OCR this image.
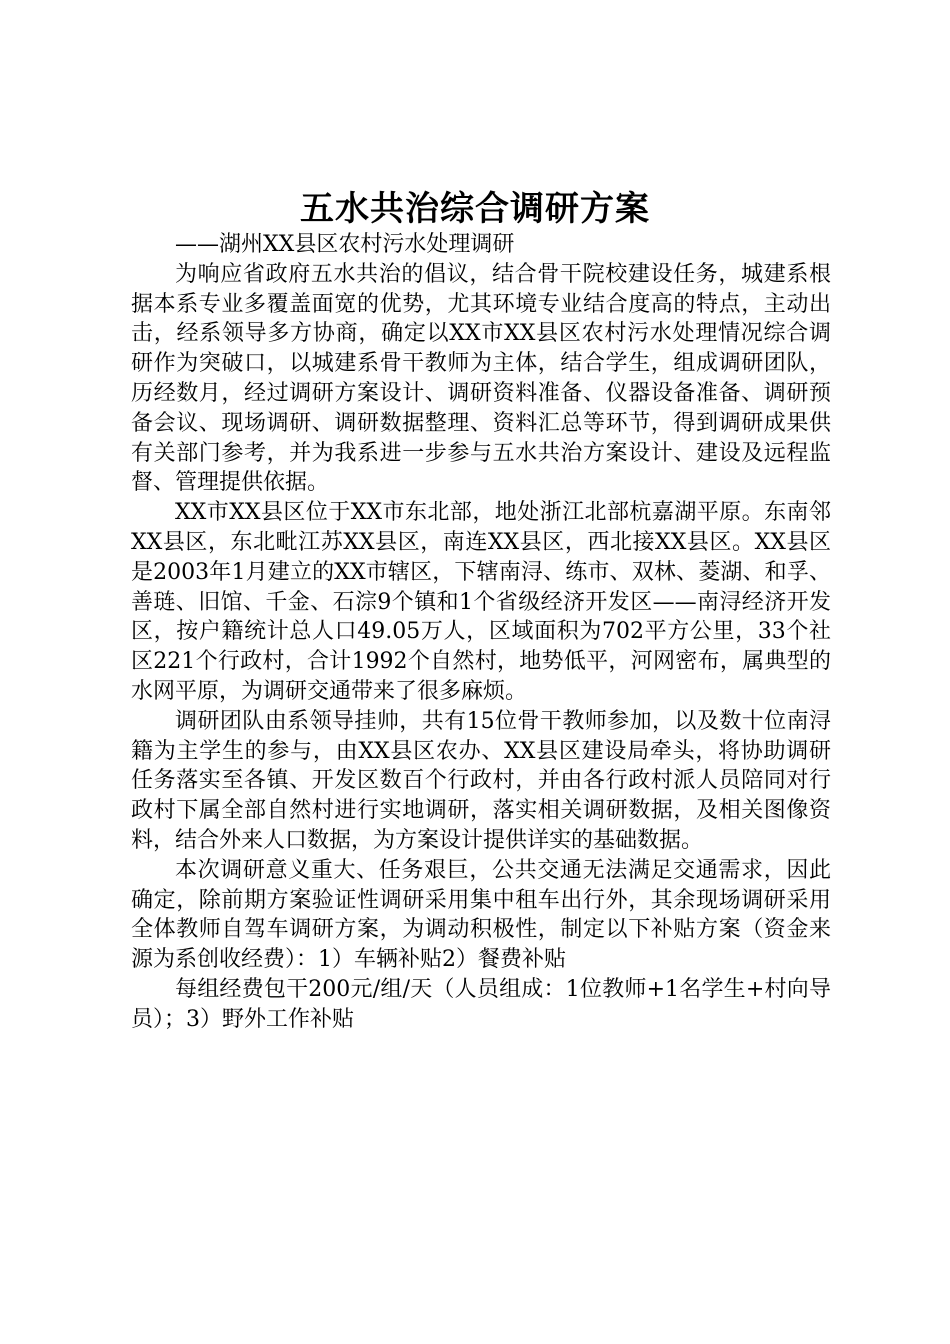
五水共治综合调研方案

——湖州XX县区农村污水处理调研

为响应省政府五水共治的倡议，结合骨干院校建设任务，城建系根据本系专业多覆盖面宽的优势，尤其环境专业结合度高的特点，主动出击，经系领导多方协商，确定以XX市XX县区农村污水处理情况综合调研作为突破口，以城建系骨干教师为主体，结合学生，组成调研团队，历经数月，经过调研方案设计、调研资料准备、仪器设备准备、调研预备会议、现场调研、调研数据整理、资料汇总等环节，得到调研成果供有关部门参考，并为我系进一步参与五水共治方案设计、建设及远程监督、管理提供依据。

XX市XX县区位于XX市东北部，地处浙江北部杭嘉湖平原。东南邻XX县区，东北毗江苏XX县区，南连XX县区，西北接XX县区。XX县区是2003年1月建立的XX市辖区，下辖南浔、练市、双林、菱湖、和孚、善琏、旧馆、千金、石淙9个镇和1个省级经济开发区——南浔经济开发区，按户籍统计总人口49.05万人，区域面积为702平方公里，33个社区221个行政村，合计1992个自然村，地势低平，河网密布，属典型的水网平原，为调研交通带来了很多麻烦。

调研团队由系领导挂帅，共有15位骨干教师参加，以及数十位南浔籍为主学生的参与，由XX县区农办、XX县区建设局牵头，将协助调研任务落实至各镇、开发区数百个行政村，并由各行政村派人员陪同对行政村下属全部自然村进行实地调研，落实相关调研数据，及相关图像资料，结合外来人口数据，为方案设计提供详实的基础数据。

本次调研意义重大、任务艰巨，公共交通无法满足交通需求，因此确定，除前期方案验证性调研采用集中租车出行外，其余现场调研采用全体教师自驾车调研方案，为调动积极性，制定以下补贴方案（资金来源为系创收经费）：1）车辆补贴2）餐费补贴

每组经费包干200元/组/天（人员组成：1位教师+1名学生+村向导员）；3）野外工作补贴
